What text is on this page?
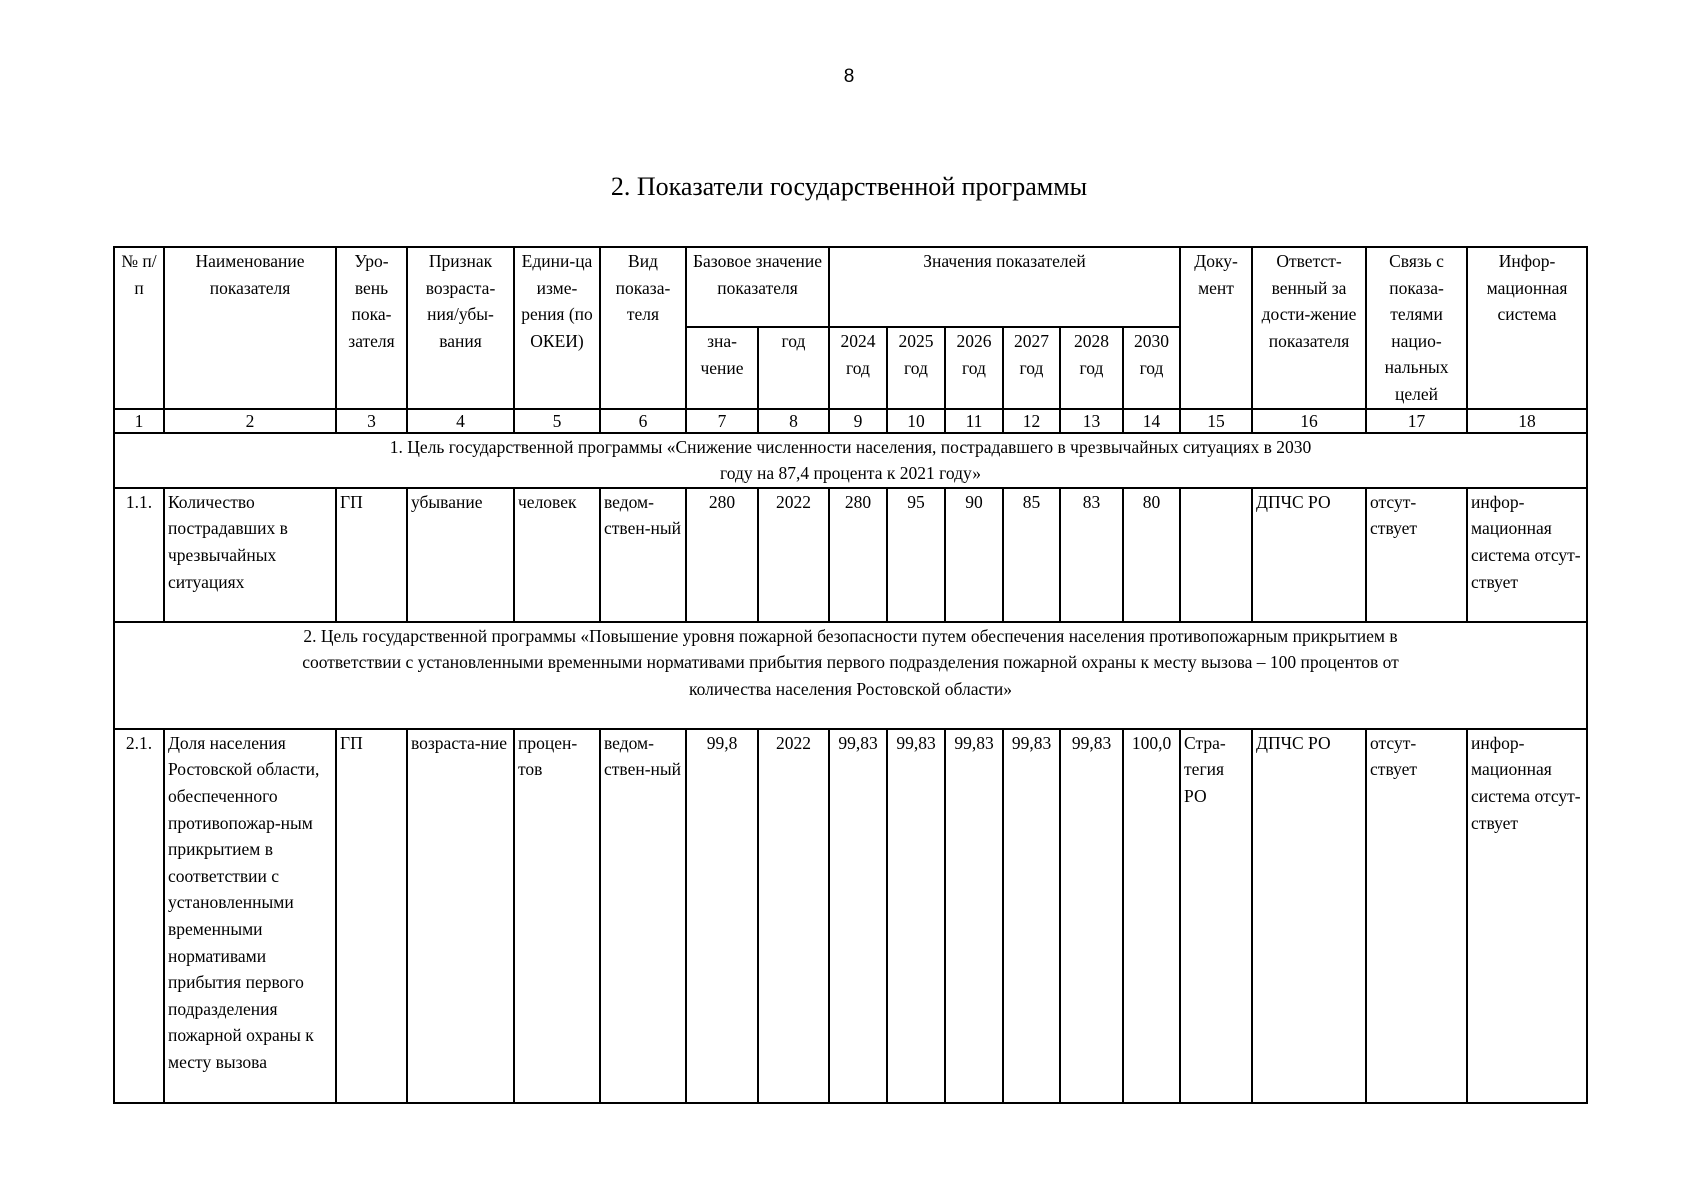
8
2. Показатели государственной программы
№ п/п	Наименование показателя	Уро-вень пока-зателя	Признак возраста-ния/убы-вания	Едини-ца изме-рения (по ОКЕИ)	Вид показа-теля	Базовое значение показателя		Значения показателей						Доку-мент	Ответст-венный за дости-жение показателя	Связь с показа-телями нацио-нальных целей	Инфор-мационная система
						зна-чение	год	2024 год	2025 год	2026 год	2027 год	2028 год	2030 год				
1	2	3	4	5	6	7	8	9	10	11	12	13	14	15	16	17	18
1. Цель государственной программы «Снижение численности населения, пострадавшего в чрезвычайных ситуациях в 2030 году на 87,4 процента к 2021 году»																	
1.1.	Количество пострадавших в чрезвычайных ситуациях	ГП	убывание	человек	ведом-ствен-ный	280	2022	280	95	90	85	83	80		ДПЧС РО	отсут-ствует	инфор-мационная система отсут-ствует
2. Цель государственной программы «Повышение уровня пожарной безопасности путем обеспечения населения противопожарным прикрытием в соответствии с установленными временными нормативами прибытия первого подразделения пожарной охраны к месту вызова – 100 процентов от количества населения Ростовской области»																	
2.1.	Доля населения Ростовской области, обеспеченного противопожар-ным прикрытием в соответствии с установленными временными нормативами прибытия первого подразделения пожарной охраны к месту вызова	ГП	возраста-ние	процен-тов	ведом-ствен-ный	99,8	2022	99,83	99,83	99,83	99,83	99,83	100,0	Стра-тегия РО	ДПЧС РО	отсут-ствует	инфор-мационная система отсут-ствует
